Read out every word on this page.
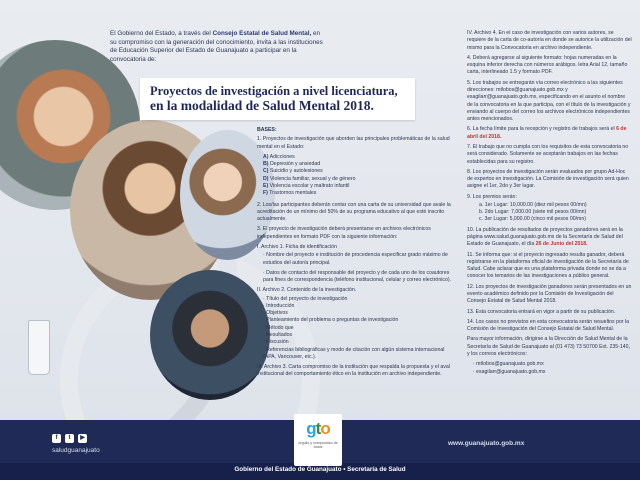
El Gobierno del Estado, a través del Consejo Estatal de Salud Mental, en su compromiso con la generación del conocimiento, invita a las instituciones de Educación Superior del Estado de Guanajuato a participar en la convocatoria de:
Proyectos de investigación a nivel licenciatura,
en la modalidad de Salud Mental 2018.

BASES:

1. Proyectos de investigación que aborden las principales problemáticas de la salud mental en el Estado:

A) Adicciones

B) Depresión y ansiedad

C) Suicidio y autolesiones

D) Violencia familiar, sexual y de género

E) Violencia escolar y maltrato infantil

F) Trastornos mentales

2. Los/las participantes deberán contar con una carta de su universidad que avale la acreditación de un mínimo del 50% de su programa educativo al que esté inscrito actualmente.

3. El proyecto de investigación deberá presentarse en archivos electrónicos independientes en formato PDF con la siguiente información:

I. Archivo 1. Ficha de identificación

· Nombre del proyecto e institución de procedencia especificar grado máximo de estudios del autor/a principal.
· Datos de contacto del responsable del proyecto y de cada uno de los coautores para fines de correspondencia (teléfono institucional, celular y correo electrónico).

II. Archivo 2. Contenido de la investigación.

· Título del proyecto de investigación
· Introducción
· Objetivos
· Planteamiento del problema o preguntas de investigación
· Método que
· Resultados
· Discusión
· Referencias bibliográficas y modo de citación con algún sistema internacional (APA, Vancouver, etc.).

III. Archivo 3. Carta compromiso de la institución que respalda la propuesta y el aval institucional del comportamiento ético en la institución en archivo independiente.

IV. Archivo 4. En el caso de investigación con varios autores, se requiere de la carta de co-autoría en donde se autorice la utilización del mismo para la Convocatoria en archivo independiente.

4. Deberá agregarse al siguiente formato: hojas numeradas en la esquina inferior derecha con números arábigos. letra Arial 12, tamaño carta, interlineado 1.5 y formato PDF.

5. Los trabajos se entregarán vía correo electrónico a las siguientes direcciones: mtlobos@guanajuato.gob.mx y esagilarr@guanajuato.gob.mx, especificando en el asunto el nombre de la convocatoria en la que participa, con el título de la investigación y enviando al cuerpo del correo los archivos electrónicos independientes antes mencionados.

6. La fecha límite para la recepción y registro de trabajos será el 6 de abril del 2018.

7. El trabajo que no cumpla con los requisitos de esta convocatoria no será considerado. Solamente se aceptarán trabajos en las fechas establecidas para su registro.

8. Los proyectos de investigación serán evaluados por grupo Ad-Hoc de expertos en investigación. La Comisión de investigación será quien asigne el 1er, 2do y 3er lugar.

9. Los premios serán:

a. 1er Lugar: 10,000.00 (diez mil pesos 00/mn)
b. 2do Lugar: 7,000.00 (siete mil pesos 00/mn)
c. 3er Lugar: 5,000.00 (cinco mil pesos 00/mn)

10. La publicación de resultados de proyectos ganadores será en la página www.salud.guanajuato.gob.mx de la Secretaría de Salud del Estado de Guanajuato, el día 26 de Junio del 2018.

11. Se informa que: si el proyecto ingresado resulta ganador, deberá registrarse en la plataforma oficial de investigación de la Secretaría de Salud. Cabe aclarar que es una plataforma privada donde no se da a conocer los temarios de las investigaciones a público general.

12. Los proyectos de investigación ganadores serán presentados en un evento académico definido por la Comisión de Investigación del Consejo Estatal de Salud Mental 2018.

13. Esta convocatoria entrará en vigor a partir de su publicación.

14. Los casos no previstos en esta convocatoria serán resueltos por la Comisión de Investigación del Consejo Estatal de Salud Mental.

Para mayor información, dirigirse a la Dirección de Salud Mental de la Secretaría de Salud de Guanajuato al (01 473) 73 50700 Ext. 235-140, y los correos electrónicos:

· mtlobos@guanajuato.gob.mx
· esagilarr@guanajuato.gob.mx
f	t	▶
saludguanajuato
www.guanajuato.gob.mx
Gobierno del Estado de Guanajuato • Secretaría de Salud
gto
orgullo y compromiso de todos
